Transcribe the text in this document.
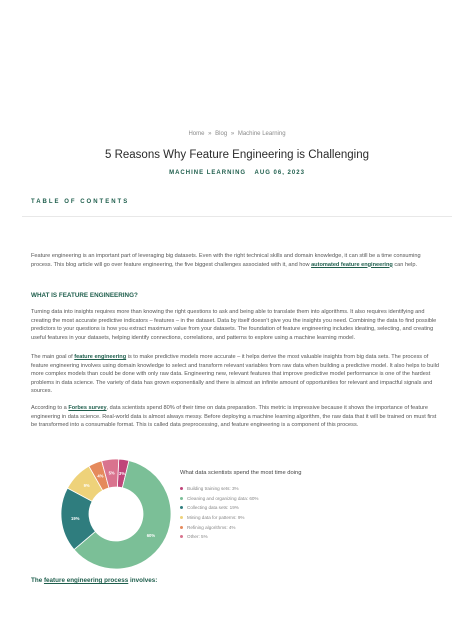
Home » Blog » Machine Learning
5 Reasons Why Feature Engineering is Challenging
MACHINE LEARNING AUG 06, 2023
TABLE OF CONTENTS
Feature engineering is an important part of leveraging big datasets. Even with the right technical skills and domain knowledge, it can still be a time consuming process. This blog article will go over feature engineering, the five biggest challenges associated with it, and how automated feature engineering can help.
WHAT IS FEATURE ENGINEERING?
Turning data into insights requires more than knowing the right questions to ask and being able to translate them into algorithms. It also requires identifying and creating the most accurate predictive indicators – features – in the dataset. Data by itself doesn't give you the insights you need. Combining the data to find possible predictors to your questions is how you extract maximum value from your datasets. The foundation of feature engineering includes ideating, selecting, and creating useful features in your datasets, helping identify connections, correlations, and patterns to explore using a machine learning model.
The main goal of feature engineering is to make predictive models more accurate – it helps derive the most valuable insights from big data sets. The process of feature engineering involves using domain knowledge to select and transform relevant variables from raw data when building a predictive model. It also helps to build more complex models than could be done with only raw data. Engineering new, relevant features that improve predictive model performance is one of the hardest problems in data science. The variety of data has grown exponentially and there is almost an infinite amount of opportunities for relevant and impactful signals and sources.
According to a Forbes survey, data scientists spend 80% of their time on data preparation. This metric is impressive because it shows the importance of feature engineering in data science. Real-world data is almost always messy. Before deploying a machine learning algorithm, the raw data that it will be trained on must first be transformed into a consumable format. This is called data preprocessing, and feature engineering is a component of this process.
3%
60%
19%
9%
4%
5%	What data scientists spend the most time doing
Building training sets: 3%
Cleaning and organizing data: 60%
Collecting data sets: 19%
Mining data for patterns: 9%
Refining algorithms: 4%
Other: 5%
The feature engineering process involves:
